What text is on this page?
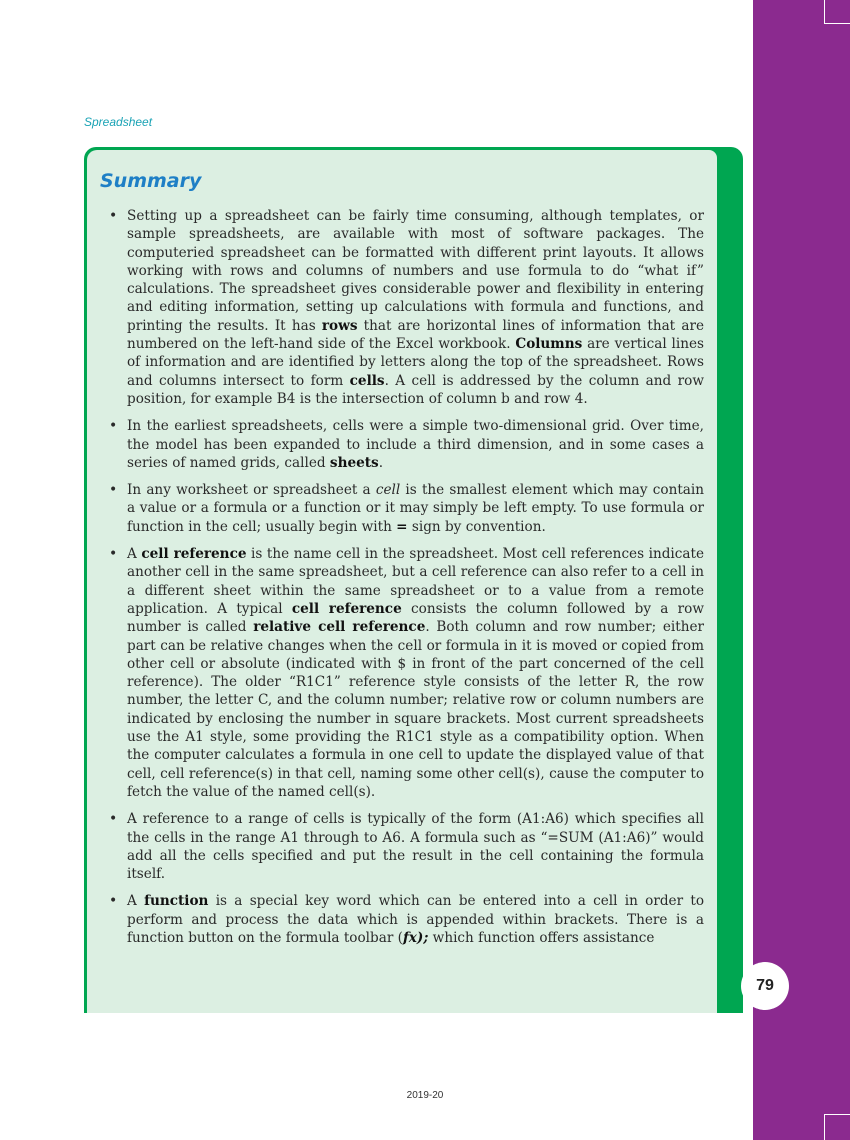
Spreadsheet
Summary
• Setting up a spreadsheet can be fairly time consuming, although templates, or sample spreadsheets, are available with most of software packages. The computeried spreadsheet can be formatted with different print layouts. It allows working with rows and columns of numbers and use formula to do “what if” calculations. The spreadsheet gives considerable power and flexibility in entering and editing information, setting up calculations with formula and functions, and printing the results. It has rows that are horizontal lines of information that are numbered on the left-hand side of the Excel workbook. Columns are vertical lines of information and are identified by letters along the top of the spreadsheet. Rows and columns intersect to form cells. A cell is addressed by the column and row position, for example B4 is the intersection of column b and row 4.
• In the earliest spreadsheets, cells were a simple two-dimensional grid. Over time, the model has been expanded to include a third dimension, and in some cases a series of named grids, called sheets.
• In any worksheet or spreadsheet a cell is the smallest element which may contain a value or a formula or a function or it may simply be left empty. To use formula or function in the cell; usually begin with = sign by convention.
• A cell reference is the name cell in the spreadsheet. Most cell references indicate another cell in the same spreadsheet, but a cell reference can also refer to a cell in a different sheet within the same spreadsheet or to a value from a remote application. A typical cell reference consists the column followed by a row number is called relative cell reference. Both column and row number; either part can be relative changes when the cell or formula in it is moved or copied from other cell or absolute (indicated with $ in front of the part concerned of the cell reference). The older “R1C1” reference style consists of the letter R, the row number, the letter C, and the column number; relative row or column numbers are indicated by enclosing the number in square brackets. Most current spreadsheets use the A1 style, some providing the R1C1 style as a compatibility option. When the computer calculates a formula in one cell to update the displayed value of that cell, cell reference(s) in that cell, naming some other cell(s), cause the computer to fetch the value of the named cell(s).
• A reference to a range of cells is typically of the form (A1:A6) which specifies all the cells in the range A1 through to A6. A formula such as “=SUM (A1:A6)” would add all the cells specified and put the result in the cell containing the formula itself.
• A function is a special key word which can be entered into a cell in order to perform and process the data which is appended within brackets. There is a function button on the formula toolbar (fx); which function offers assistance
79
2019-20
